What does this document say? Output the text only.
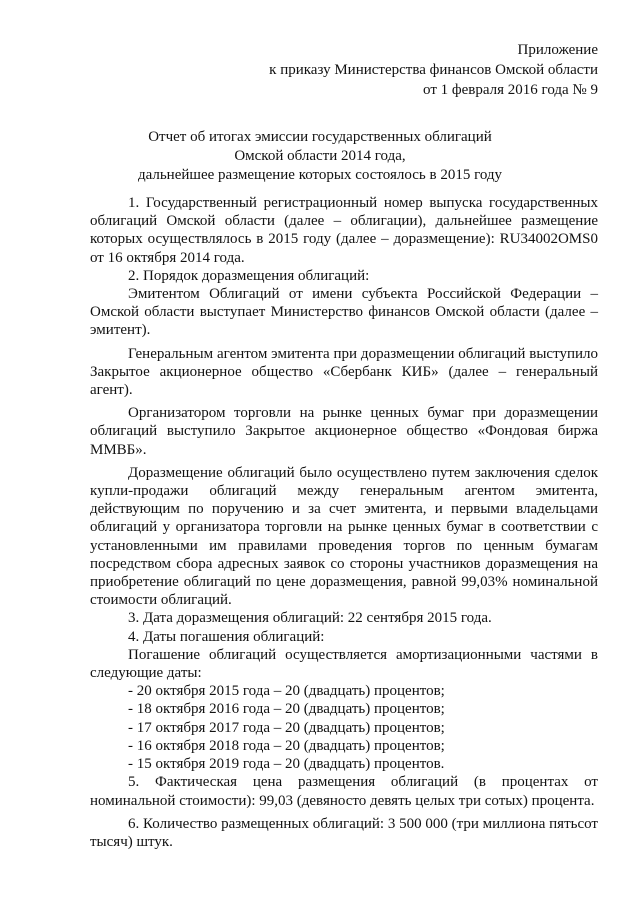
Приложение
к приказу Министерства финансов Омской области
от 1 февраля 2016 года № 9
Отчет об итогах эмиссии государственных облигаций
Омской области 2014 года,
дальнейшее размещение которых состоялось в 2015 году

1. Государственный регистрационный номер выпуска государственных облигаций Омской области (далее – облигации), дальнейшее размещение которых осуществлялось в 2015 году (далее – доразмещение): RU34002OMS0 от 16 октября 2014 года.

2. Порядок доразмещения облигаций:

Эмитентом Облигаций от имени субъекта Российской Федерации – Омской области выступает Министерство финансов Омской области (далее – эмитент).

Генеральным агентом эмитента при доразмещении облигаций выступило Закрытое акционерное общество «Сбербанк КИБ» (далее – генеральный агент).

Организатором торговли на рынке ценных бумаг при доразмещении облигаций выступило Закрытое акционерное общество «Фондовая биржа ММВБ».

Доразмещение облигаций было осуществлено путем заключения сделок купли-продажи облигаций между генеральным агентом эмитента, действующим по поручению и за счет эмитента, и первыми владельцами облигаций у организатора торговли на рынке ценных бумаг в соответствии с установленными им правилами проведения торгов по ценным бумагам посредством сбора адресных заявок со стороны участников доразмещения на приобретение облигаций по цене доразмещения, равной 99,03% номинальной стоимости облигаций.

3. Дата доразмещения облигаций: 22 сентября 2015 года.

4. Даты погашения облигаций:

Погашение облигаций осуществляется амортизационными частями в следующие даты:

- 20 октября 2015 года – 20 (двадцать) процентов;

- 18 октября 2016 года – 20 (двадцать) процентов;

- 17 октября 2017 года – 20 (двадцать) процентов;

- 16 октября 2018 года – 20 (двадцать) процентов;

- 15 октября 2019 года – 20 (двадцать) процентов.

5. Фактическая цена размещения облигаций (в процентах от номинальной стоимости): 99,03 (девяносто девять целых три сотых) процента.

6. Количество размещенных облигаций: 3 500 000 (три миллиона пятьсот тысяч) штук.
